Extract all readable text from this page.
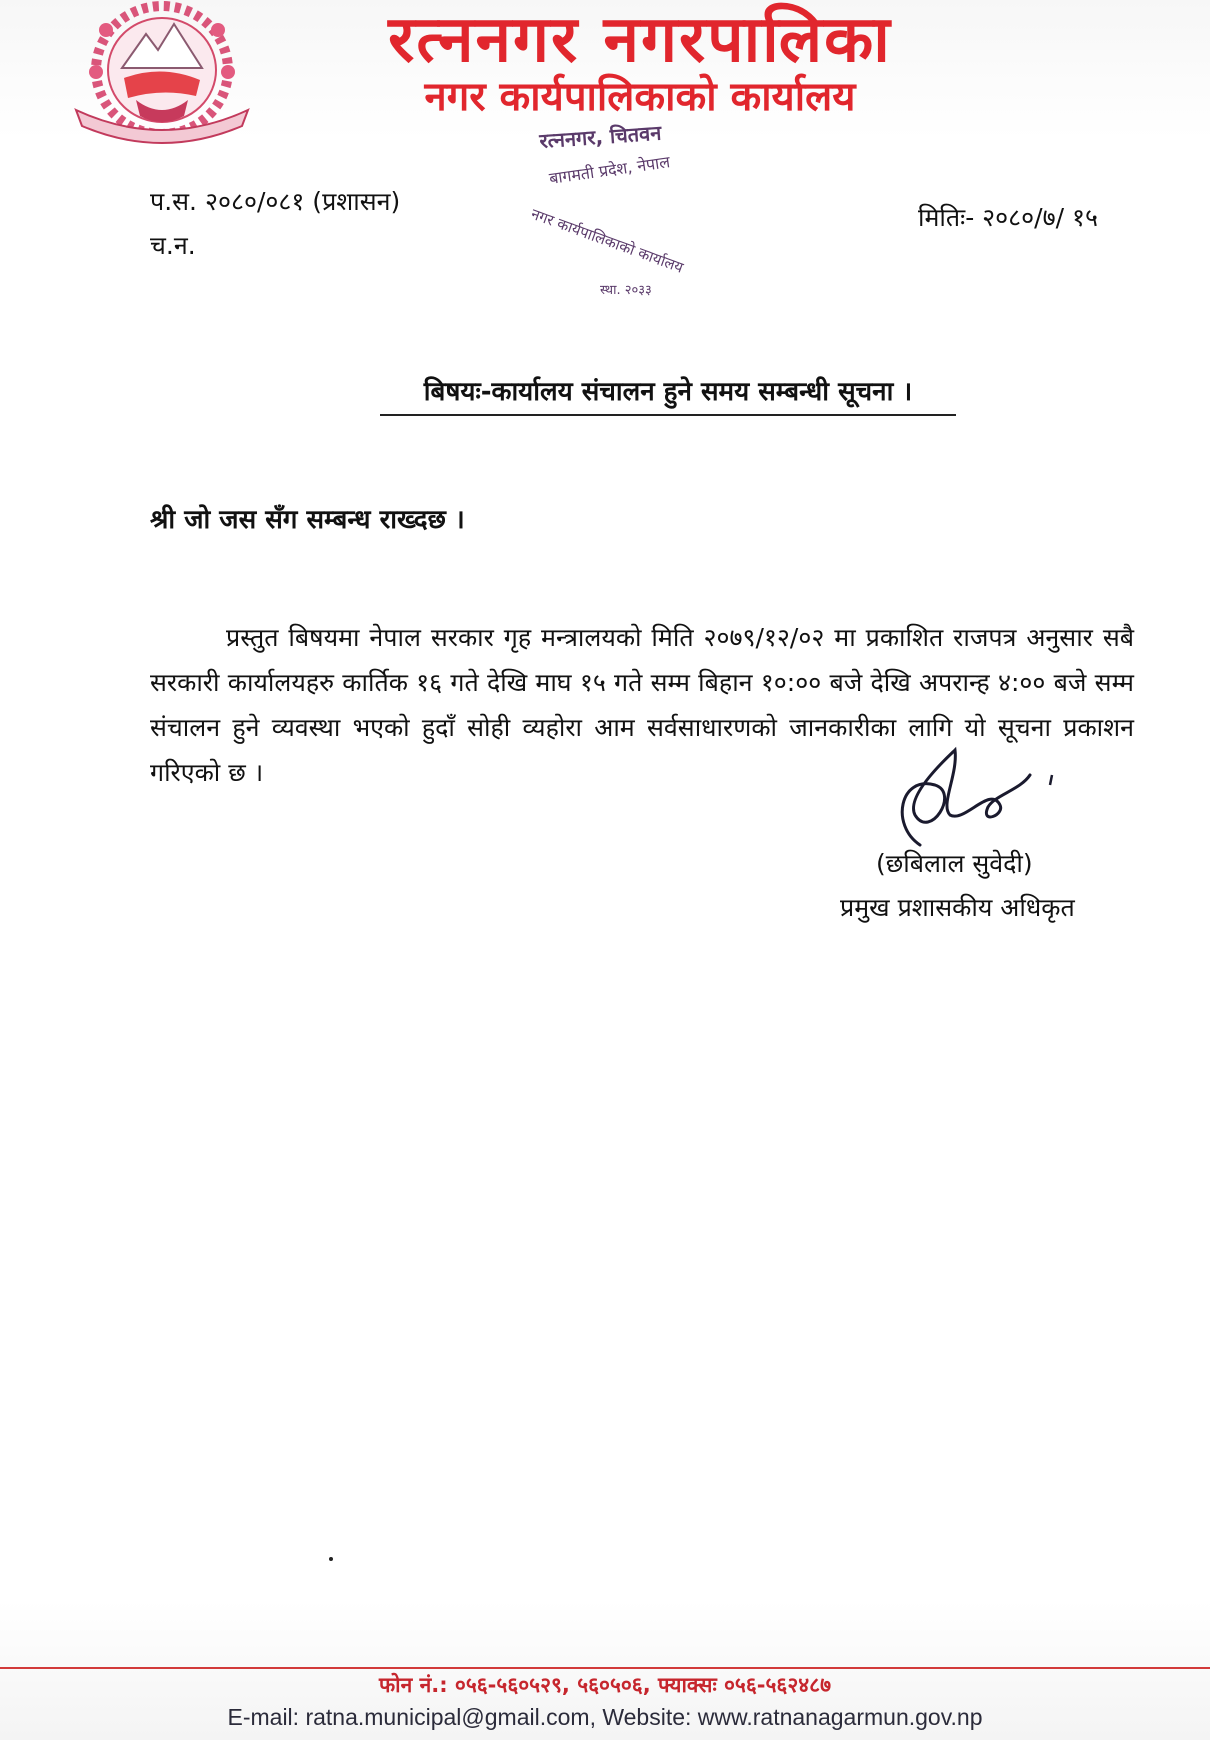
रत्ननगर नगरपालिका
नगर कार्यपालिकाको कार्यालय
रत्ननगर, चितवन
बागमती प्रदेश, नेपाल
नगर कार्यपालिकाको कार्यालय
स्था. २०३३
प.स. २०८०/०८१ (प्रशासन)
च.न.
मितिः- २०८०/७/ १५
बिषयः-कार्यालय संचालन हुने समय सम्बन्धी सूचना ।
श्री जो जस सँग सम्बन्ध राख्दछ ।

प्रस्तुत बिषयमा नेपाल सरकार गृह मन्त्रालयको मिति २०७९/१२/०२ मा प्रकाशित राजपत्र अनुसार सबै सरकारी कार्यालयहरु कार्तिक १६ गते देखि माघ १५ गते सम्म बिहान १०:०० बजे देखि अपरान्ह ४:०० बजे सम्म संचालन हुने व्यवस्था भएको हुदाँ सोही व्यहोरा आम सर्वसाधारणको जानकारीका लागि यो सूचना प्रकाशन गरिएको छ ।

(छबिलाल सुवेदी)
प्रमुख प्रशासकीय अधिकृत
फोन नं.: ०५६-५६०५२९, ५६०५०६, फ्याक्सः ०५६-५६२४८७
E-mail: ratna.municipal@gmail.com, Website: www.ratnanagarmun.gov.np
